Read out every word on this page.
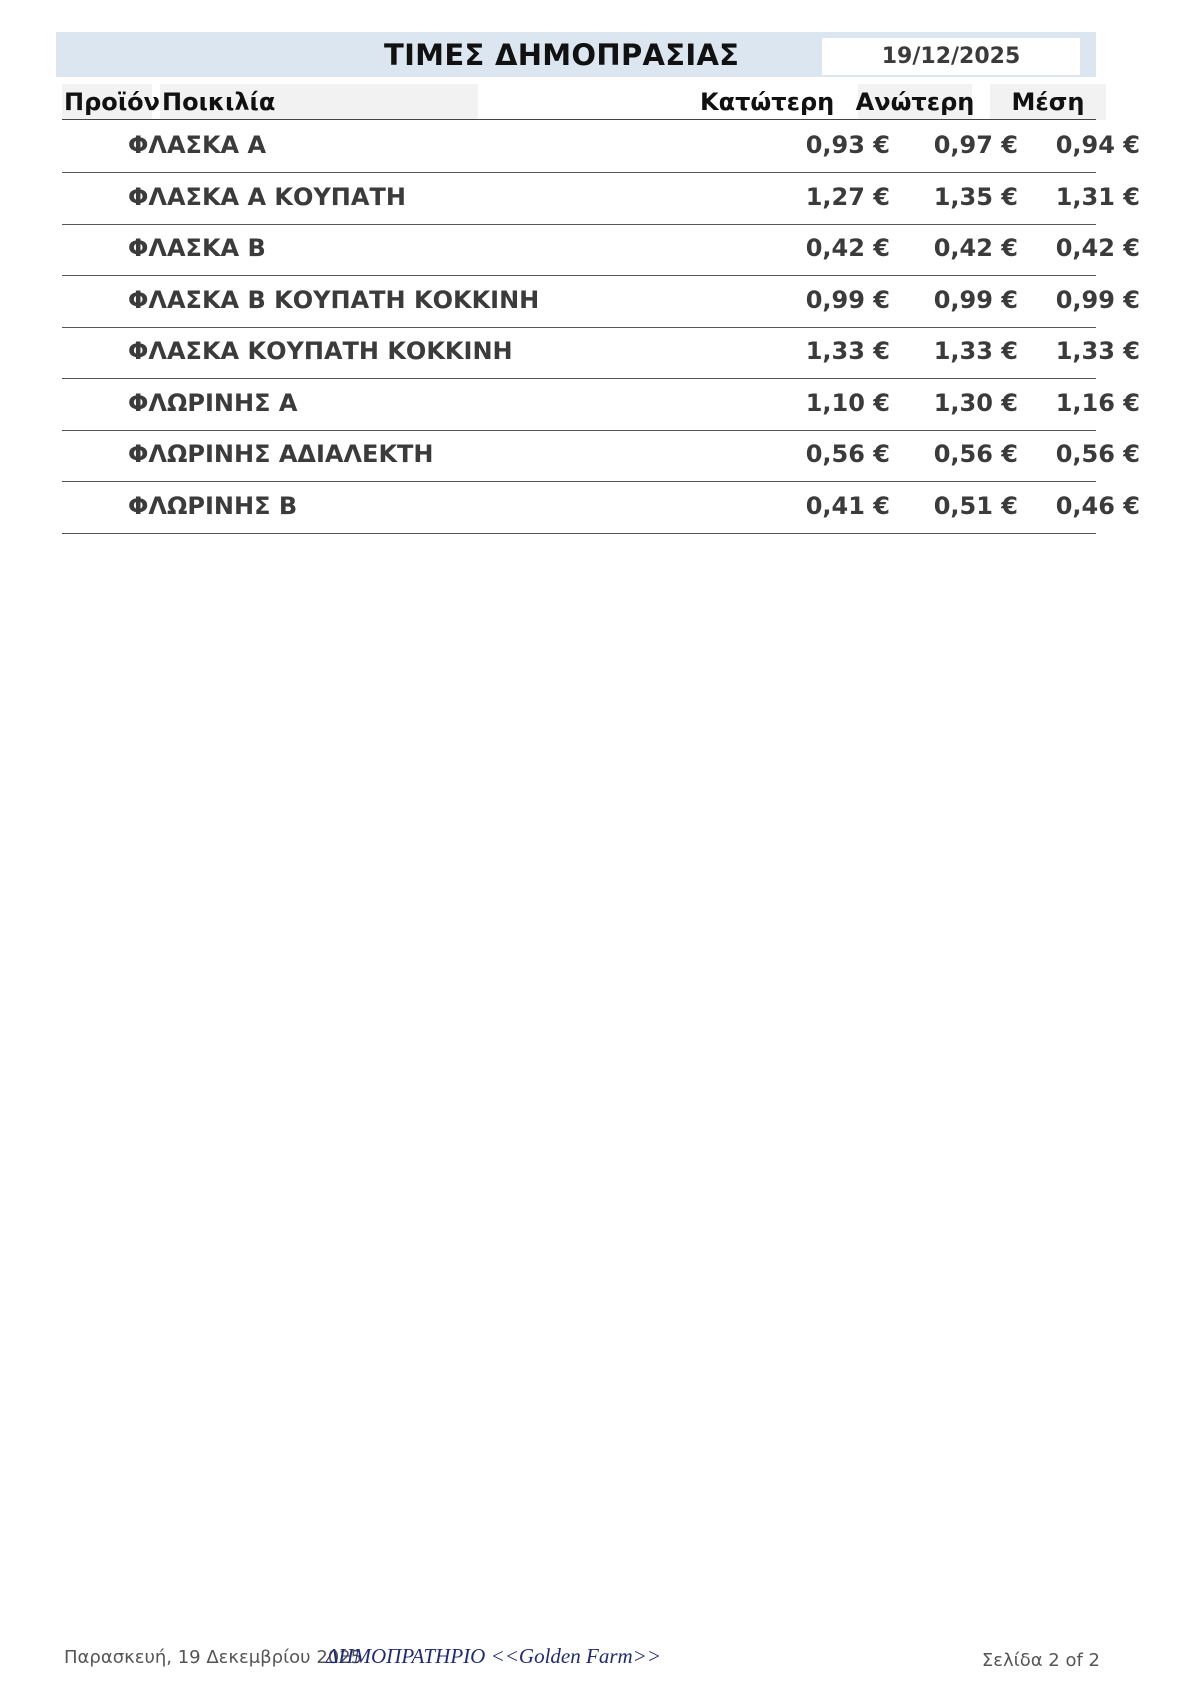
ΤΙΜΕΣ ΔΗΜΟΠΡΑΣΙΑΣ	19/12/2025
Προϊόν Ποικιλία	Κατώτερη Ανώτερη	Μέση
ΦΛΑΣΚΑ Α	0,93 € 0,97 € 0,94 €
ΦΛΑΣΚΑ Α ΚΟΥΠΑΤΗ	1,27 € 1,35 € 1,31 €
ΦΛΑΣΚΑ Β	0,42 € 0,42 € 0,42 €
ΦΛΑΣΚΑ Β ΚΟΥΠΑΤΗ ΚΟΚΚΙΝΗ	0,99 € 0,99 € 0,99 €
ΦΛΑΣΚΑ ΚΟΥΠΑΤΗ ΚΟΚΚΙΝΗ	1,33 € 1,33 € 1,33 €
ΦΛΩΡΙΝΗΣ Α	1,10 € 1,30 € 1,16 €
ΦΛΩΡΙΝΗΣ ΑΔΙΑΛΕΚΤΗ	0,56 € 0,56 € 0,56 €
ΦΛΩΡΙΝΗΣ Β	0,41 € 0,51 € 0,46 €
Παρασκευή, 19 Δεκεμβρίου 2025
ΔΗΜΟΠΡΑΤΗΡΙΟ <<Golden Farm>>	Σελίδα 2 of 2
